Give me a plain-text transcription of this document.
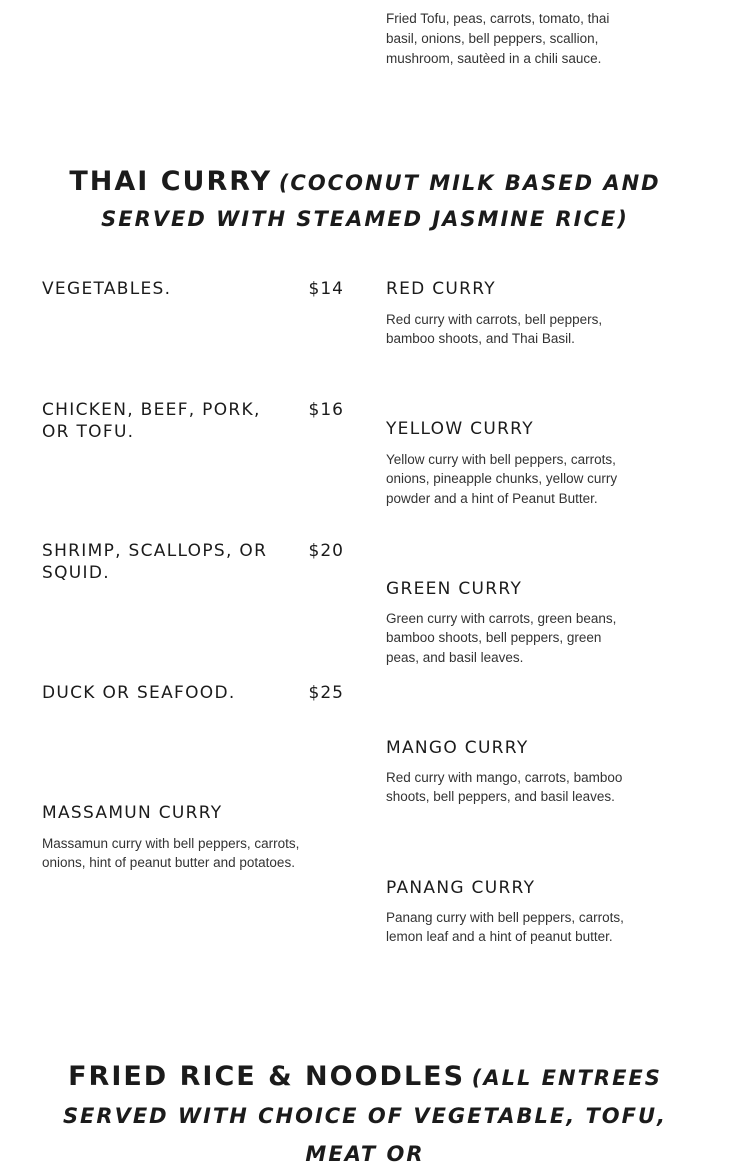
Fried Tofu, peas, carrots, tomato, thai basil, onions, bell peppers, scallion, mushroom, sautèed in a chili sauce.

THAI CURRY (COCONUT MILK BASED AND SERVED WITH STEAMED JASMINE RICE)
VEGETABLES.	$14
CHICKEN, BEEF, PORK, OR TOFU.
$16
SHRIMP, SCALLOPS, OR SQUID.
$20
DUCK OR SEAFOOD.	$25
MASSAMUN CURRY

Massamun curry with bell peppers, carrots, onions, hint of peanut butter and potatoes.

RED CURRY

Red curry with carrots, bell peppers, bamboo shoots, and Thai Basil.

YELLOW CURRY

Yellow curry with bell peppers, carrots, onions, pineapple chunks, yellow curry powder and a hint of Peanut Butter.

GREEN CURRY

Green curry with carrots, green beans, bamboo shoots, bell peppers, green peas, and basil leaves.

MANGO CURRY

Red curry with mango, carrots, bamboo shoots, bell peppers, and basil leaves.

PANANG CURRY

Panang curry with bell peppers, carrots, lemon leaf and a hint of peanut butter.

FRIED RICE & NOODLES (ALL ENTREES SERVED WITH CHOICE OF VEGETABLE, TOFU, MEAT OR
